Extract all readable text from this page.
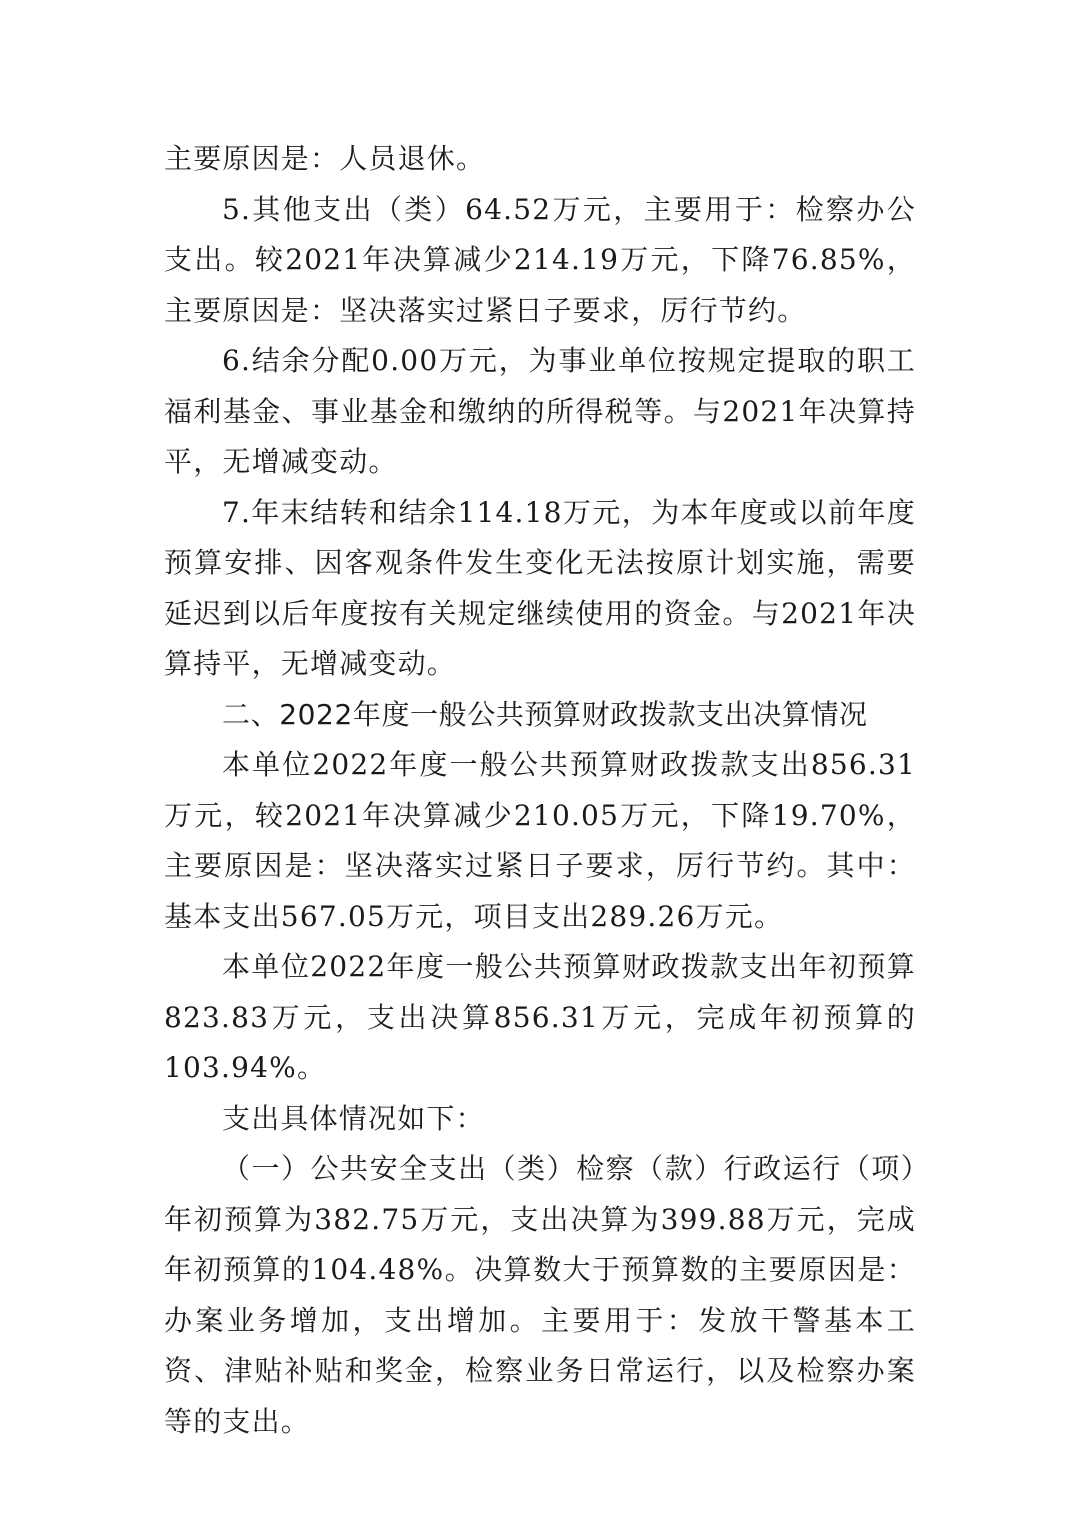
主要原因是：人员退休。

5.其他支出（类）64.52万元，主要用于：检察办公支出。较2021年决算减少214.19万元，下降76.85%，主要原因是：坚决落实过紧日子要求，厉行节约。

6.结余分配0.00万元，为事业单位按规定提取的职工福利基金、事业基金和缴纳的所得税等。与2021年决算持平，无增减变动。

7.年末结转和结余114.18万元，为本年度或以前年度预算安排、因客观条件发生变化无法按原计划实施，需要延迟到以后年度按有关规定继续使用的资金。与2021年决算持平，无增减变动。

二、2022年度一般公共预算财政拨款支出决算情况

本单位2022年度一般公共预算财政拨款支出856.31万元，较2021年决算减少210.05万元，下降19.70%，主要原因是：坚决落实过紧日子要求，厉行节约。其中：基本支出567.05万元，项目支出289.26万元。

本单位2022年度一般公共预算财政拨款支出年初预算823.83万元，支出决算856.31万元，完成年初预算的103.94%。

支出具体情况如下：

（一）公共安全支出（类）检察（款）行政运行（项）年初预算为382.75万元，支出决算为399.88万元，完成年初预算的104.48%。决算数大于预算数的主要原因是：办案业务增加，支出增加。主要用于：发放干警基本工资、津贴补贴和奖金，检察业务日常运行，以及检察办案等的支出。
